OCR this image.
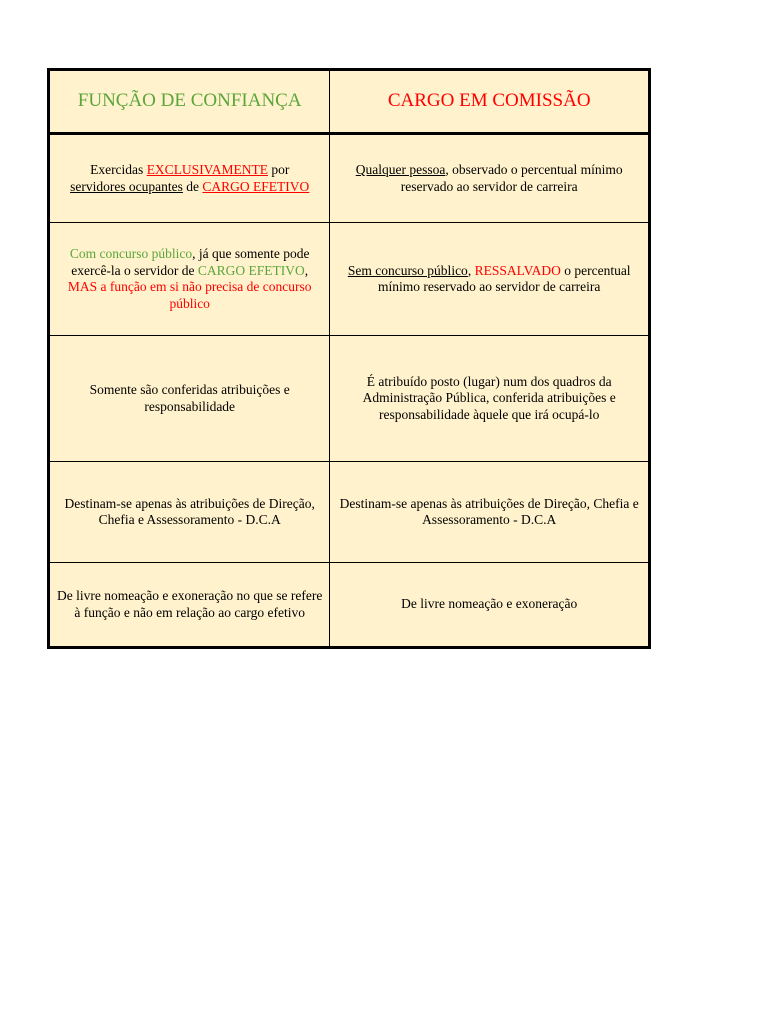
FUNÇÃO DE CONFIANÇA	CARGO EM COMISSÃO
Exercidas EXCLUSIVAMENTE por
servidores ocupantes de CARGO EFETIVO	Qualquer pessoa, observado o percentual mínimo reservado ao servidor de carreira
Com concurso público, já que somente pode exercê-la o servidor de CARGO EFETIVO,
MAS a função em si não precisa de concurso público	Sem concurso público, RESSALVADO o percentual mínimo reservado ao servidor de carreira
Somente são conferidas atribuições e responsabilidade	É atribuído posto (lugar) num dos quadros da Administração Pública, conferida atribuições e responsabilidade àquele que irá ocupá-lo
Destinam-se apenas às atribuições de Direção, Chefia e Assessoramento - D.C.A	Destinam-se apenas às atribuições de Direção, Chefia e Assessoramento - D.C.A
De livre nomeação e exoneração no que se refere à função e não em relação ao cargo efetivo	De livre nomeação e exoneração
